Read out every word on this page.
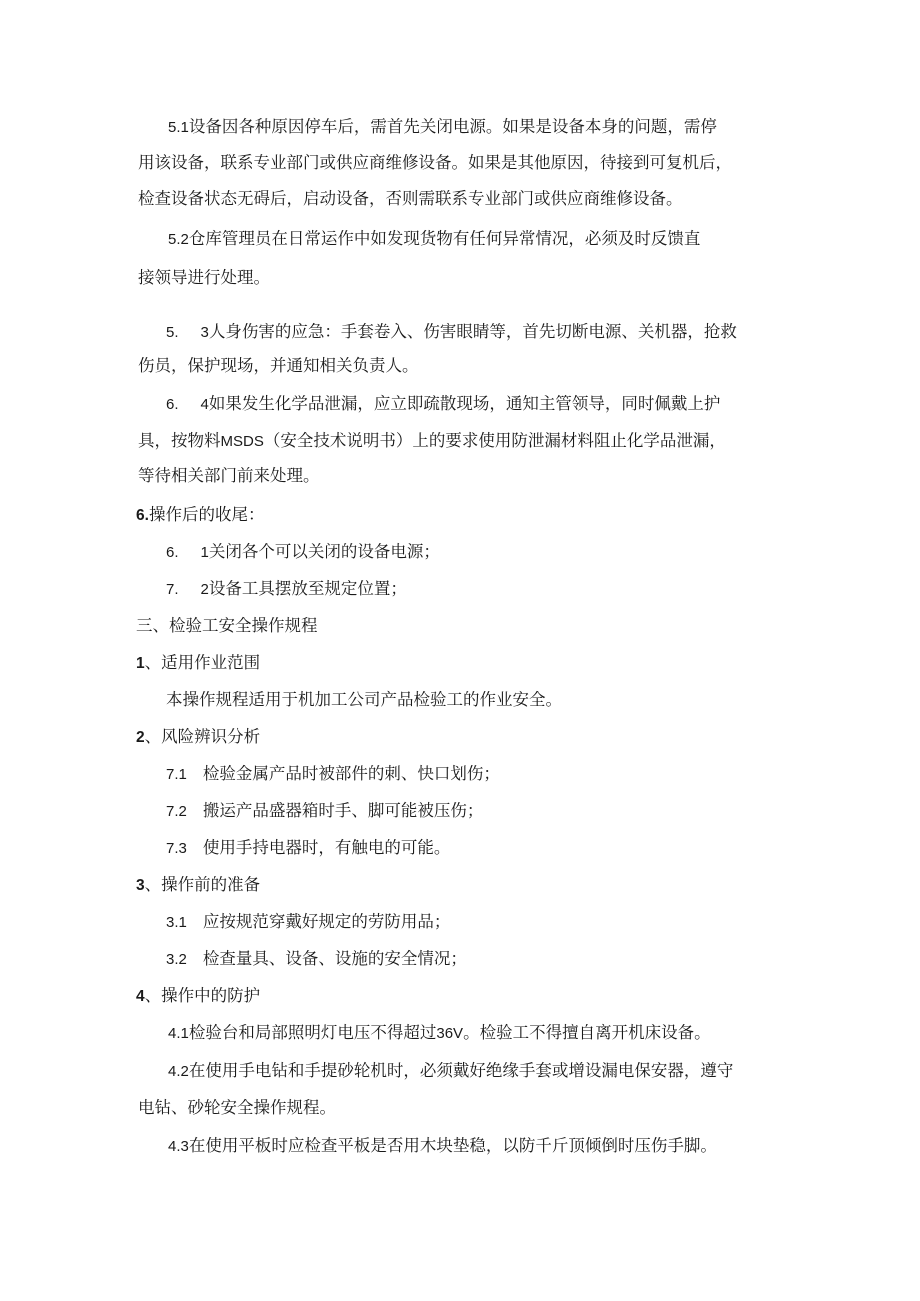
5.1设备因各种原因停车后，需首先关闭电源。如果是设备本身的问题，需停
用该设备，联系专业部门或供应商维修设备。如果是其他原因，待接到可复机后，
检查设备状态无碍后，启动设备，否则需联系专业部门或供应商维修设备。
5.2仓库管理员在日常运作中如发现货物有任何异常情况，必须及时反馈直
接领导进行处理。
5. 3人身伤害的应急：手套卷入、伤害眼睛等，首先切断电源、关机器，抢救
伤员，保护现场，并通知相关负责人。
6. 4如果发生化学品泄漏，应立即疏散现场，通知主管领导，同时佩戴上护
具，按物料MSDS（安全技术说明书）上的要求使用防泄漏材料阻止化学品泄漏，
等待相关部门前来处理。
6.操作后的收尾：
6. 1关闭各个可以关闭的设备电源；
7. 2设备工具摆放至规定位置；
三、检验工安全操作规程
1、适用作业范围
本操作规程适用于机加工公司产品检验工的作业安全。
2、风险辨识分析
7.1 检验金属产品时被部件的刺、快口划伤；
7.2 搬运产品盛器箱时手、脚可能被压伤；
7.3 使用手持电器时，有触电的可能。
3、操作前的准备
3.1 应按规范穿戴好规定的劳防用品；
3.2 检查量具、设备、设施的安全情况；
4、操作中的防护
4.1检验台和局部照明灯电压不得超过36V。检验工不得擅自离开机床设备。
4.2在使用手电钻和手提砂轮机时，必须戴好绝缘手套或增设漏电保安器，遵守
电钻、砂轮安全操作规程。
4.3在使用平板时应检查平板是否用木块垫稳，以防千斤顶倾倒时压伤手脚。
